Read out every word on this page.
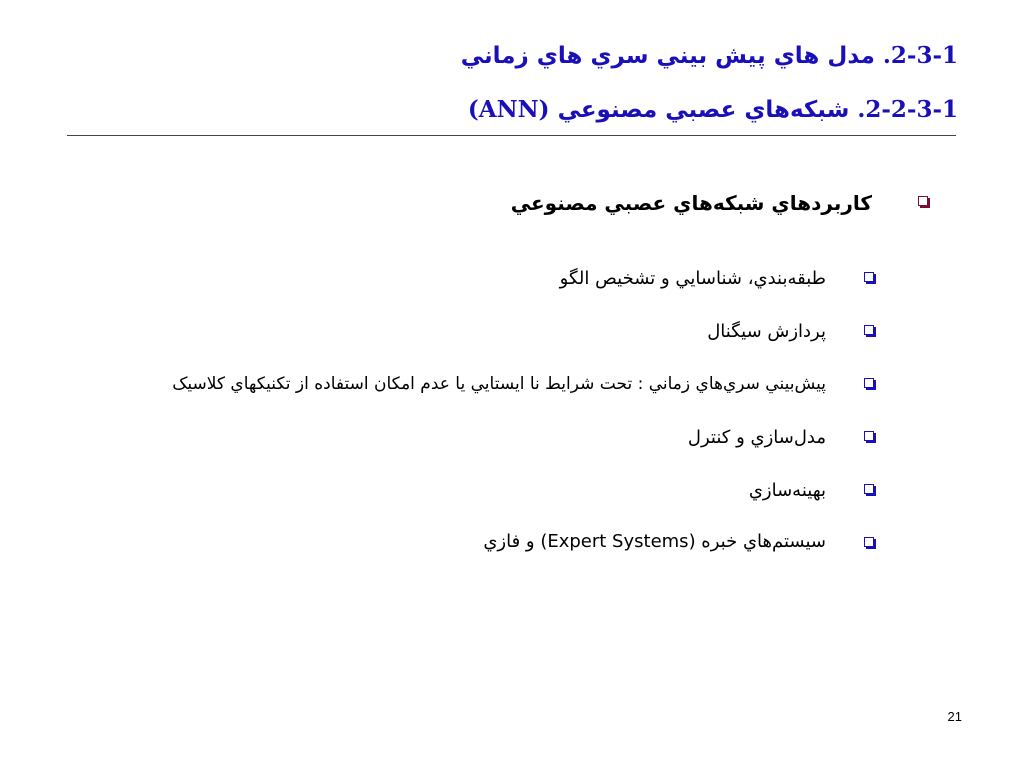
2-3-1. مدل هاي پيش بيني سري هاي زماني
2-2-3-1. شبکه‌هاي عصبي مصنوعي (ANN)
کاربردهاي شبکه‌هاي عصبي مصنوعي
طبقه‌بندي، شناسايي و تشخيص الگو
پردازش سيگنال
پيش‌بيني سري‌هاي زماني : تحت شرايط نا ايستايي يا عدم امکان استفاده از تکنيکهاي کلاسيک
مدل‌سازي و کنترل
بهينه‌سازي
سيستم‌هاي خبره (Expert Systems) و فازي
21
